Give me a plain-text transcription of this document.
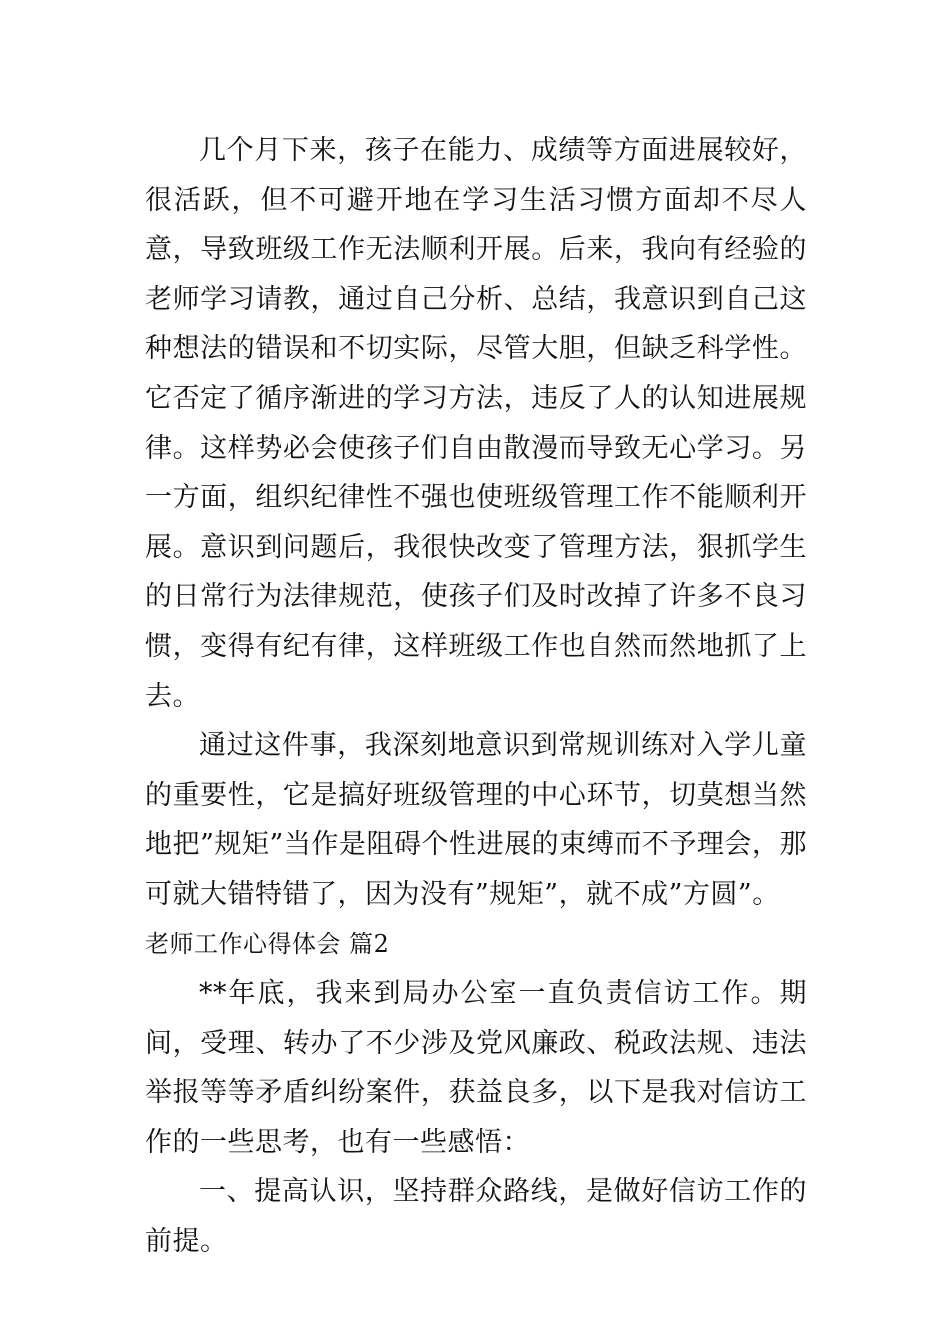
几个月下来，孩子在能力、成绩等方面进展较好，很活跃，但不可避开地在学习生活习惯方面却不尽人意，导致班级工作无法顺利开展。后来，我向有经验的老师学习请教，通过自己分析、总结，我意识到自己这种想法的错误和不切实际，尽管大胆，但缺乏科学性。它否定了循序渐进的学习方法，违反了人的认知进展规律。这样势必会使孩子们自由散漫而导致无心学习。另一方面，组织纪律性不强也使班级管理工作不能顺利开展。意识到问题后，我很快改变了管理方法，狠抓学生的日常行为法律规范，使孩子们及时改掉了许多不良习惯，变得有纪有律，这样班级工作也自然而然地抓了上去。

通过这件事，我深刻地意识到常规训练对入学儿童的重要性，它是搞好班级管理的中心环节，切莫想当然地把”规矩”当作是阻碍个性进展的束缚而不予理会，那可就大错特错了，因为没有”规矩”，就不成”方圆”。

老师工作心得体会 篇2

**年底，我来到局办公室一直负责信访工作。期间，受理、转办了不少涉及党风廉政、税政法规、违法举报等等矛盾纠纷案件，获益良多，以下是我对信访工作的一些思考，也有一些感悟：

一、提高认识，坚持群众路线，是做好信访工作的前提。
